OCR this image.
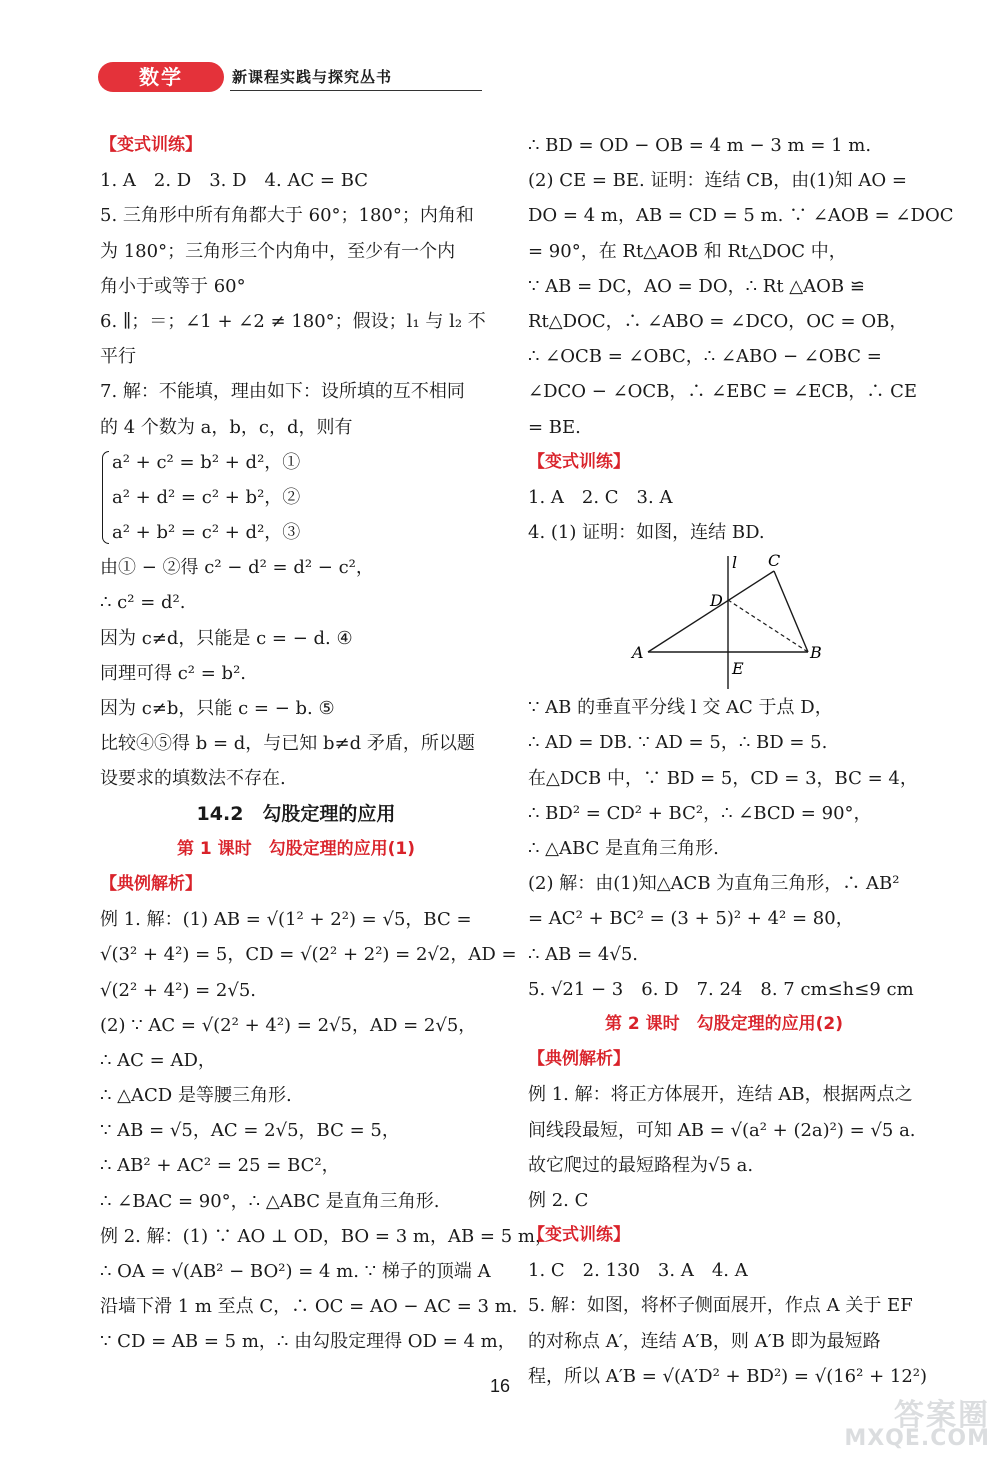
数学	新课程实践与探究丛书
【变式训练】
1. A　2. D　3. D　4. AC = BC
5. 三角形中所有角都大于 60°；180°；内角和
为 180°；三角形三个内角中，至少有一个内
角小于或等于 60°
6. ∥；＝；∠1 + ∠2 ≠ 180°；假设；l₁ 与 l₂ 不
平行
7. 解：不能填，理由如下：设所填的互不相同
的 4 个数为 a，b，c，d，则有
a² + c² = b² + d²，①
a² + d² = c² + b²，②
a² + b² = c² + d²，③
由① − ②得 c² − d² = d² − c²，
∴ c² = d².
因为 c≠d，只能是 c = − d. ④
同理可得 c² = b².
因为 c≠b，只能 c = − b. ⑤
比较④⑤得 b = d，与已知 b≠d 矛盾，所以题
设要求的填数法不存在.
14.2　勾股定理的应用
第 1 课时　勾股定理的应用(1)
【典例解析】
例 1. 解：(1) AB = √(1² + 2²) = √5，BC =
√(3² + 4²) = 5，CD = √(2² + 2²) = 2√2，AD =
√(2² + 4²) = 2√5.
(2) ∵ AC = √(2² + 4²) = 2√5，AD = 2√5，
∴ AC = AD，
∴ △ACD 是等腰三角形.
∵ AB = √5，AC = 2√5，BC = 5，
∴ AB² + AC² = 25 = BC²，
∴ ∠BAC = 90°，∴ △ABC 是直角三角形.
例 2. 解：(1) ∵ AO ⊥ OD，BO = 3 m，AB = 5 m，
∴ OA = √(AB² − BO²) = 4 m. ∵ 梯子的顶端 A
沿墙下滑 1 m 至点 C，∴ OC = AO − AC = 3 m.
∵ CD = AB = 5 m，∴ 由勾股定理得 OD = 4 m，
∴ BD = OD − OB = 4 m − 3 m = 1 m.
(2) CE = BE. 证明：连结 CB，由(1)知 AO =
DO = 4 m，AB = CD = 5 m. ∵ ∠AOB = ∠DOC
= 90°，在 Rt△AOB 和 Rt△DOC 中，
∵ AB = DC，AO = DO，∴ Rt △AOB ≌
Rt△DOC，∴ ∠ABO = ∠DCO，OC = OB，
∴ ∠OCB = ∠OBC，∴ ∠ABO − ∠OBC =
∠DCO − ∠OCB，∴ ∠EBC = ∠ECB，∴ CE
= BE.
【变式训练】
1. A　2. C　3. A
4. (1) 证明：如图，连结 BD.
l C
D
A
E
B
∵ AB 的垂直平分线 l 交 AC 于点 D，
∴ AD = DB. ∵ AD = 5，∴ BD = 5.
在△DCB 中，∵ BD = 5，CD = 3，BC = 4，
∴ BD² = CD² + BC²，∴ ∠BCD = 90°，
∴ △ABC 是直角三角形.
(2) 解：由(1)知△ACB 为直角三角形，∴ AB²
= AC² + BC² = (3 + 5)² + 4² = 80，
∴ AB = 4√5.
5. √21 − 3　6. D　7. 24　8. 7 cm≤h≤9 cm
第 2 课时　勾股定理的应用(2)
【典例解析】
例 1. 解：将正方体展开，连结 AB，根据两点之
间线段最短，可知 AB = √(a² + (2a)²) = √5 a.
故它爬过的最短路程为√5 a.
例 2. C
【变式训练】
1. C　2. 130　3. A　4. A
5. 解：如图，将杯子侧面展开，作点 A 关于 EF
的对称点 A′，连结 A′B，则 A′B 即为最短路
程，所以 A′B = √(A′D² + BD²) = √(16² + 12²)
16
答案圈
MXQE.COM
